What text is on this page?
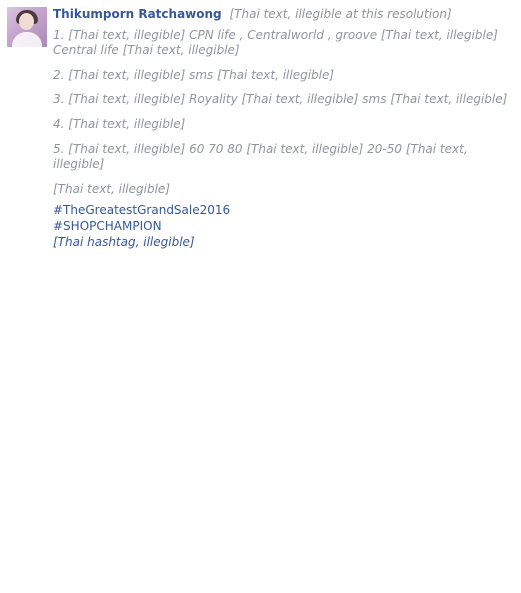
Thikumporn Ratchawong [Thai text, illegible at this resolution]
1. [Thai text, illegible] CPN life , Centralworld , groove [Thai text, illegible] Central life [Thai text, illegible]
2. [Thai text, illegible] sms [Thai text, illegible]
3. [Thai text, illegible] Royality [Thai text, illegible] sms [Thai text, illegible]
4. [Thai text, illegible]
5. [Thai text, illegible] 60 70 80 [Thai text, illegible] 20-50 [Thai text, illegible]
[Thai text, illegible]
#TheGreatestGrandSale2016
#SHOPCHAMPION
[Thai hashtag, illegible]
